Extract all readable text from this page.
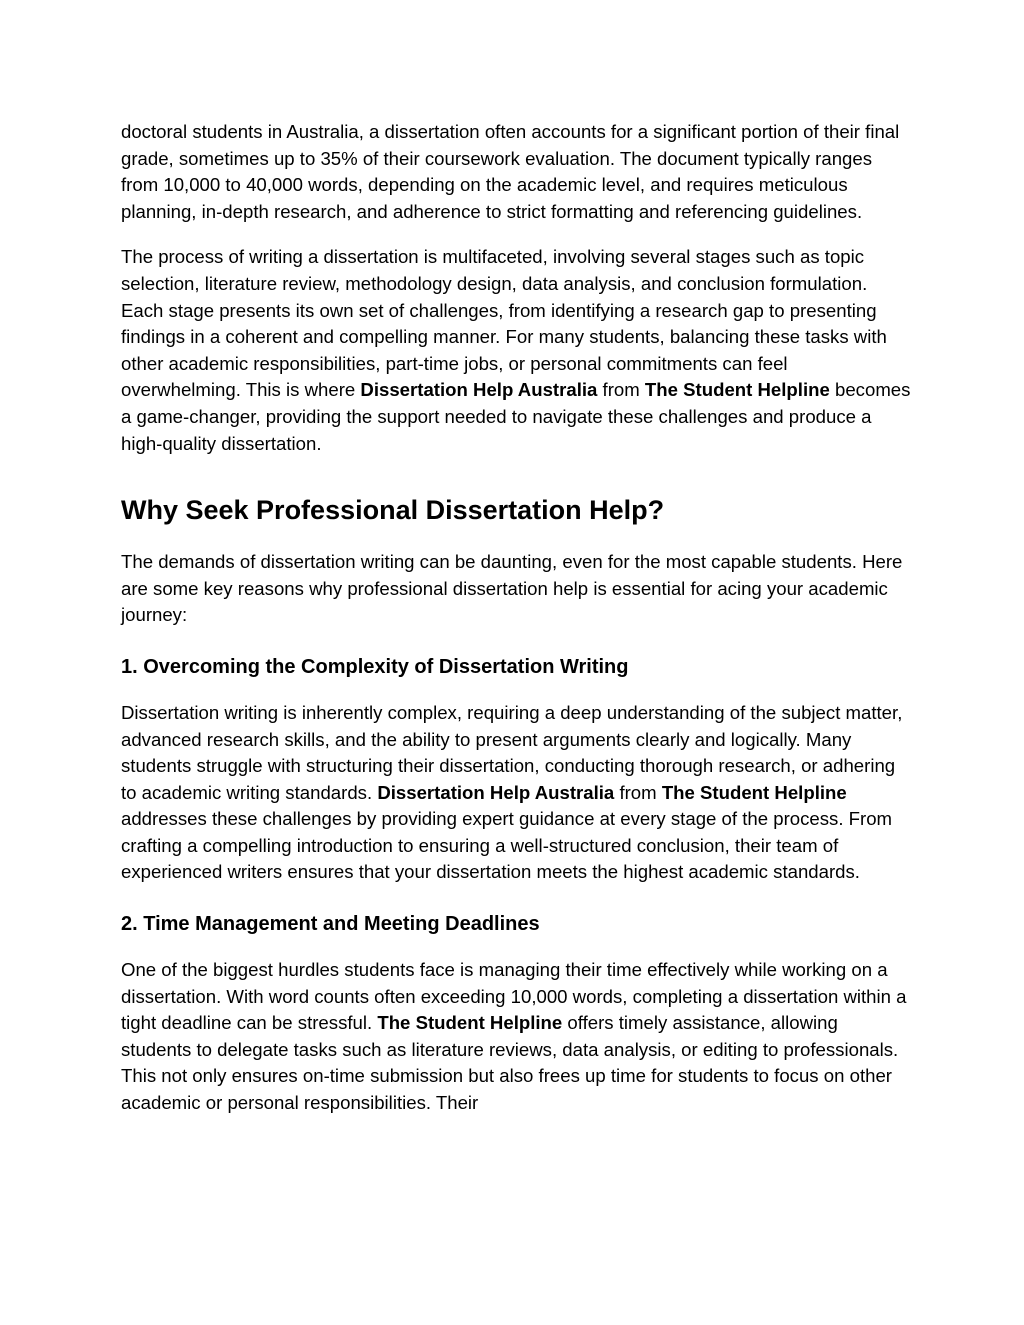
doctoral students in Australia, a dissertation often accounts for a significant portion of their final grade, sometimes up to 35% of their coursework evaluation. The document typically ranges from 10,000 to 40,000 words, depending on the academic level, and requires meticulous planning, in-depth research, and adherence to strict formatting and referencing guidelines.

The process of writing a dissertation is multifaceted, involving several stages such as topic selection, literature review, methodology design, data analysis, and conclusion formulation. Each stage presents its own set of challenges, from identifying a research gap to presenting findings in a coherent and compelling manner. For many students, balancing these tasks with other academic responsibilities, part-time jobs, or personal commitments can feel overwhelming. This is where Dissertation Help Australia from The Student Helpline becomes a game-changer, providing the support needed to navigate these challenges and produce a high-quality dissertation.

Why Seek Professional Dissertation Help?

The demands of dissertation writing can be daunting, even for the most capable students. Here are some key reasons why professional dissertation help is essential for acing your academic journey:

1. Overcoming the Complexity of Dissertation Writing

Dissertation writing is inherently complex, requiring a deep understanding of the subject matter, advanced research skills, and the ability to present arguments clearly and logically. Many students struggle with structuring their dissertation, conducting thorough research, or adhering to academic writing standards. Dissertation Help Australia from The Student Helpline addresses these challenges by providing expert guidance at every stage of the process. From crafting a compelling introduction to ensuring a well-structured conclusion, their team of experienced writers ensures that your dissertation meets the highest academic standards.

2. Time Management and Meeting Deadlines

One of the biggest hurdles students face is managing their time effectively while working on a dissertation. With word counts often exceeding 10,000 words, completing a dissertation within a tight deadline can be stressful. The Student Helpline offers timely assistance, allowing students to delegate tasks such as literature reviews, data analysis, or editing to professionals. This not only ensures on-time submission but also frees up time for students to focus on other academic or personal responsibilities. Their
